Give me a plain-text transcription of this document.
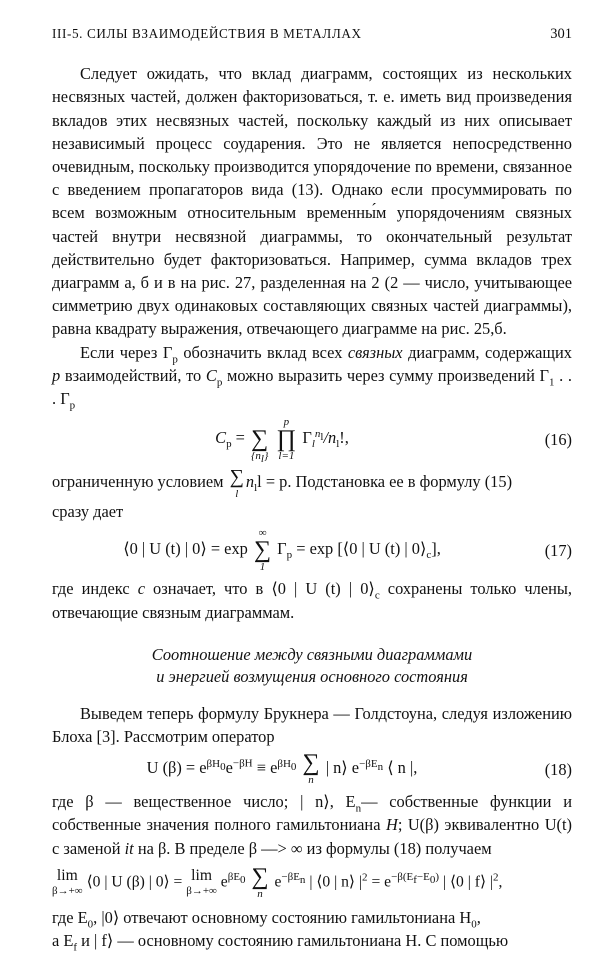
III-5. СИЛЫ ВЗАИМОДЕЙСТВИЯ В МЕТАЛЛАХ	301

Следует ожидать, что вклад диаграмм, состоящих из нескольких несвязных частей, должен факторизоваться, т. е. иметь вид произведения вкладов этих несвязных частей, поскольку каждый из них описывает независимый процесс соударения. Это не является непосредственно очевидным, поскольку производится упорядочение по времени, связанное с введением пропагаторов вида (13). Однако если просуммировать по всем возможным относительным временны́м упорядочениям связных частей внутри несвязной диаграммы, то окончательный результат действительно будет факторизоваться. Например, сумма вкладов трех диаграмм а, б и в на рис. 27, разделенная на 2 (2 — число, учитывающее симметрию двух одинаковых составляющих связных частей диаграммы), равна квадрату выражения, отвечающего диаграмме на рис. 25,б.

Если через $\Gamma_p$ обозначить вклад всех связных диаграмм, содержащих p взаимодействий, то $C_p$ можно выразить через сумму произведений $\Gamma_1$ . . . $\Gamma_p$

$C_p$ =
∑
$\{n_l\}$

p
∏
l=1
$\Gamma_l^{n_l}/n_l$!,	(16)

ограниченную условием ∑
l
$n_ll = p$. Подстановка ее в формулу (15)

сразу дает

⟨0 | U (t) | 0⟩ = exp
∞
∑
1
$\Gamma_p = \exp$ [⟨0 | U (t) | $0⟩_c$],	(17)

где индекс c означает, что в ⟨0 | U (t) | $0⟩_c$ сохранены только члены, отвечающие связным диаграммам.

Соотношение между связными диаграммами
и энергией возмущения основного состояния

Выведем теперь формулу Брукнера — Голдстоуна, следуя изложению Блоха [3]. Рассмотрим оператор

U $(\beta) = e^{\beta H_0}e^{-\beta H} \equiv e^{\beta H_0}$ ∑
n
| n⟩ $e^{-\beta E_n}$ ⟨ n |,	(18)

где β — вещественное число; | n⟩, $E_n—$ собственные функции и собственные значения полного гамильтониана H; U(β) эквивалентно U(t) с заменой it на β. В пределе β —> ∞ из формулы (18) получаем

lim
β→+∞
⟨0 | U (β) | 0⟩ = lim
β→+∞
$e^{\beta E_0}$ ∑
n
$e^{-\beta E_n}$ | ⟨0 | n⟩ $|^2 = e^{-\beta(E_f-E_0)}$ | ⟨0 | f⟩ $|^2$,

где $E_0$, |0⟩ отвечают основному состоянию гамильтониана $H_0$,
a $E_f$ и | f⟩ — основному состоянию гамильтониана H. С помощью
